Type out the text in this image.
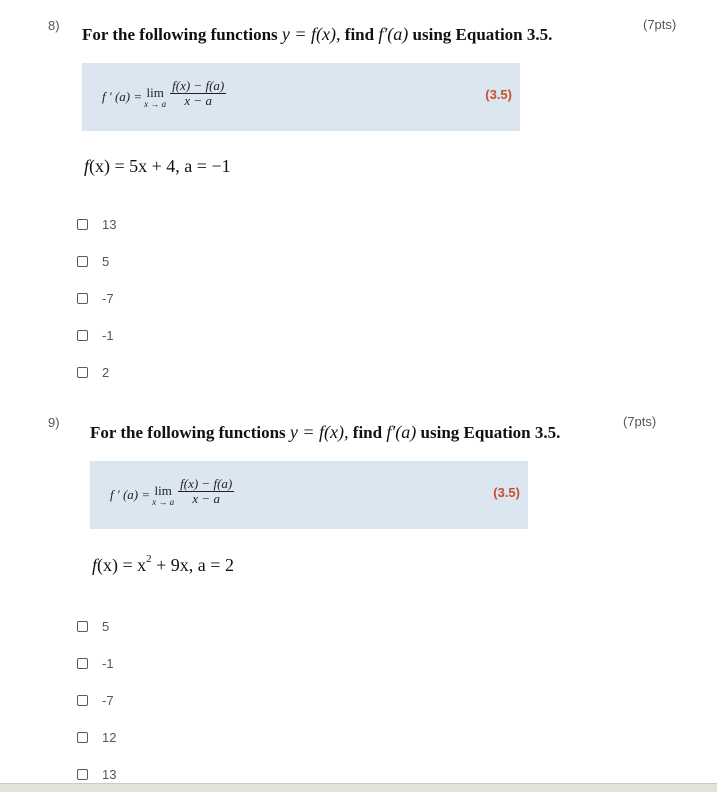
8)	(7pts)
For the following functions y = f(x), find f′(a) using Equation 3.5.
f ′ (a) = lim
x → a $\frac{f(x) - f(a)}{x - a}$	(3.5)
f(x) = 5x + 4, a = −1
13
5
-7
-1
2
9)	(7pts)
For the following functions y = f(x), find f′(a) using Equation 3.5.
f ′ (a) = lim
x → a $\frac{f(x) - f(a)}{x - a}$	(3.5)
$f(x) = x^2 + 9x$, a = 2
5
-1
-7
12
13
